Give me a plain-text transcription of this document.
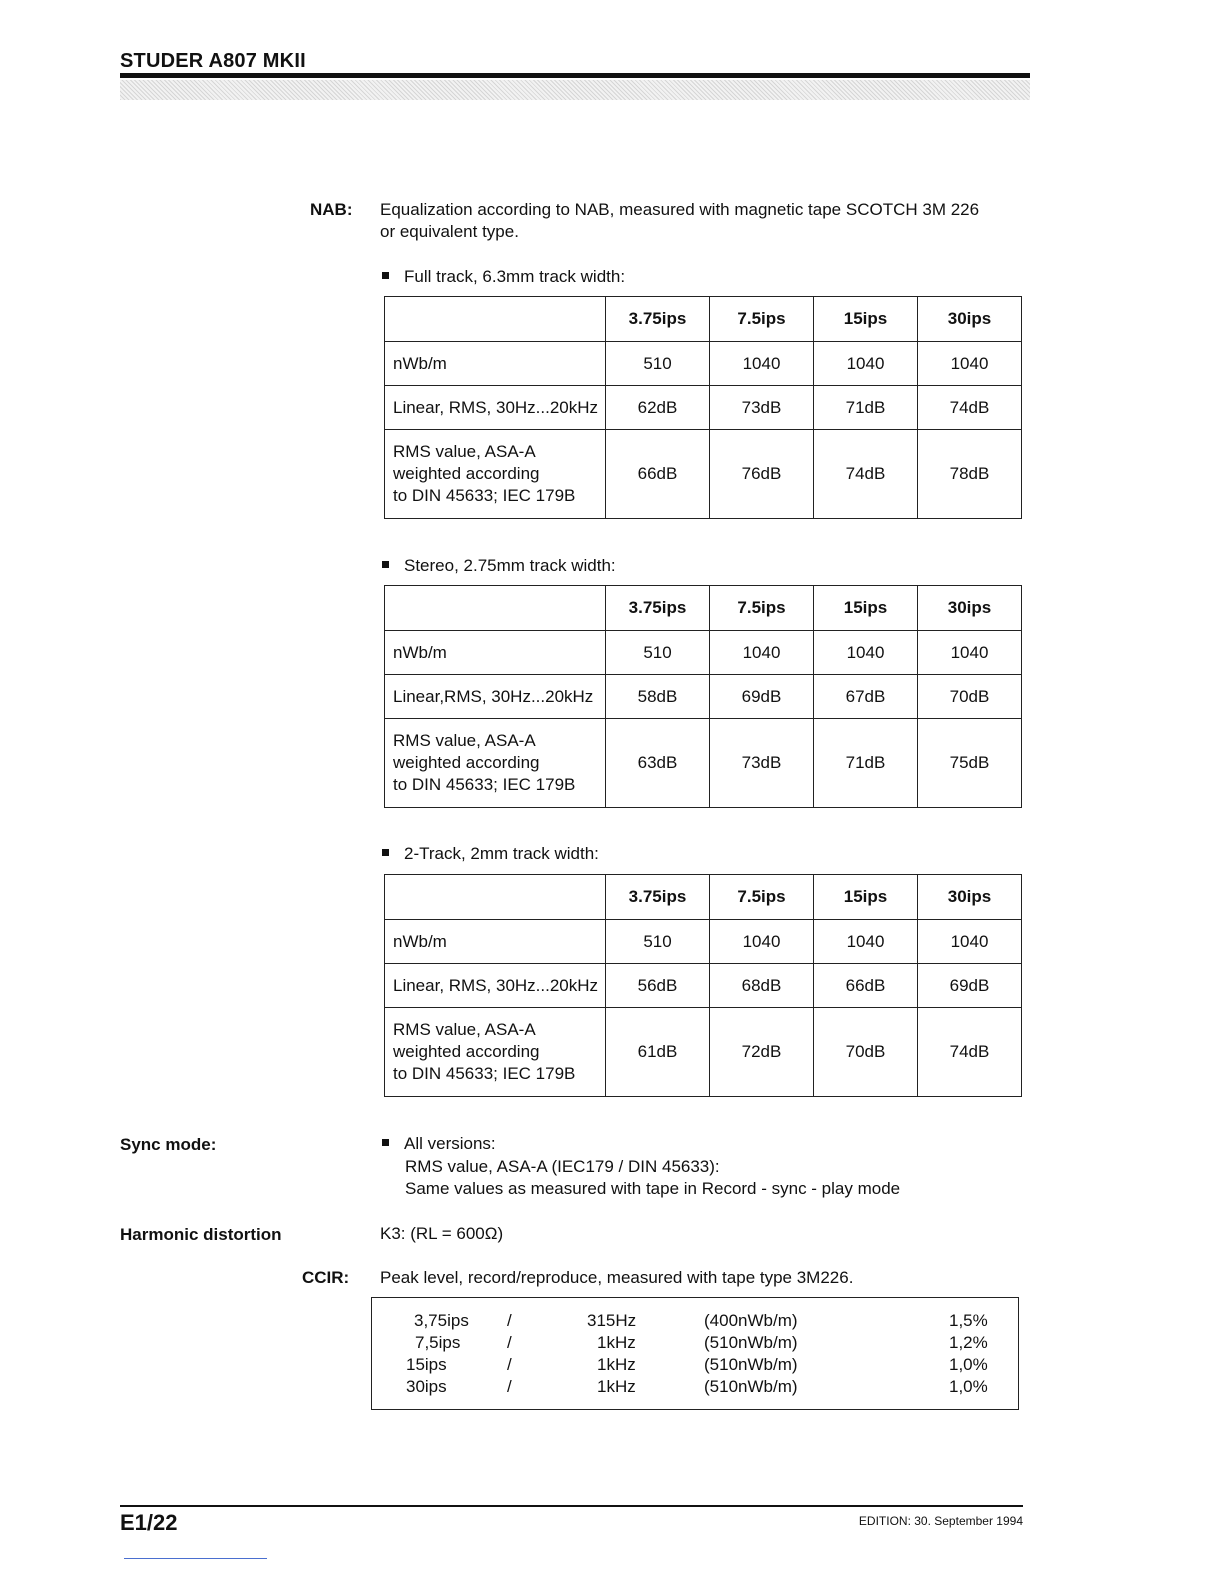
STUDER A807 MKII
NAB: Equalization according to NAB, measured with magnetic tape SCOTCH 3M 226
or equivalent type.
Full track, 6.3mm track width:
	3.75ips	7.5ips	15ips	30ips
nWb/m	510	1040	1040	1040
Linear, RMS, 30Hz...20kHz	62dB	73dB	71dB	74dB

RMS value, ASA-A
weighted according
to DIN 45633; IEC 179B	66dB	76dB	74dB	78dB
Stereo, 2.75mm track width:
	3.75ips	7.5ips	15ips	30ips
nWb/m	510	1040	1040	1040
Linear,RMS, 30Hz...20kHz	58dB	69dB	67dB	70dB

RMS value, ASA-A
weighted according
to DIN 45633; IEC 179B	63dB	73dB	71dB	75dB
2-Track, 2mm track width:
	3.75ips	7.5ips	15ips	30ips
nWb/m	510	1040	1040	1040
Linear, RMS, 30Hz...20kHz	56dB	68dB	66dB	69dB

RMS value, ASA-A
weighted according
to DIN 45633; IEC 179B	61dB	72dB	70dB	74dB
Sync mode:	All versions:
RMS value, ASA-A (IEC179 / DIN 45633):
Same values as measured with tape in Record - sync - play mode
Harmonic distortion	K3: (RL = 600Ω)
CCIR: Peak level, record/reproduce, measured with tape type 3M226.
3,75ips /	315Hz	(400nWb/m)	1,5%
7,5ips	/	1kHz	(510nWb/m)	1,2%
15ips	/	1kHz	(510nWb/m)	1,0%
30ips	/	1kHz	(510nWb/m)	1,0%
E1/22	EDITION: 30. September 1994
